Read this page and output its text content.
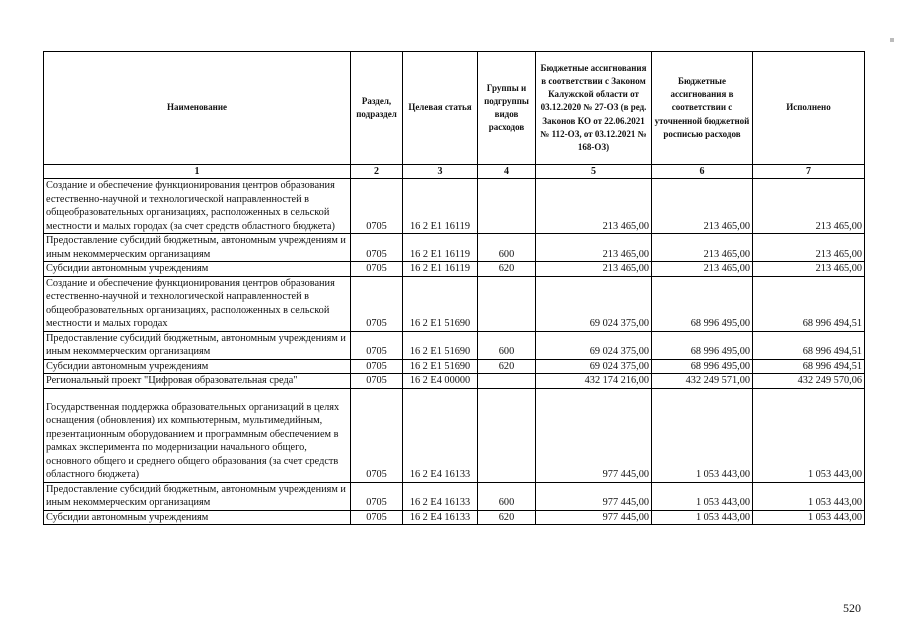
Наименование	Раздел, подраздел	Целевая статья	Группы и подгруппы видов расходов	Бюджетные ассигнования в соответствии с Законом Калужской области от 03.12.2020 № 27-ОЗ (в ред. Законов КО от 22.06.2021 № 112-ОЗ, от 03.12.2021 № 168-ОЗ)	Бюджетные ассигнования в соответствии с уточненной бюджетной росписью расходов	Исполнено
1	2	3	4	5	6	7
Создание и обеспечение функционирования центров образования естественно-научной и технологической направленностей в общеобразовательных организациях, расположенных в сельской местности и малых городах (за счет средств областного бюджета)	0705	16 2 E1 16119		213 465,00	213 465,00	213 465,00
Предоставление субсидий бюджетным, автономным учреждениям и иным некоммерческим организациям	0705	16 2 E1 16119	600	213 465,00	213 465,00	213 465,00
Субсидии автономным учреждениям	0705	16 2 E1 16119	620	213 465,00	213 465,00	213 465,00
Создание и обеспечение функционирования центров образования естественно-научной и технологической направленностей в общеобразовательных организациях, расположенных в сельской местности и малых городах	0705	16 2 E1 51690		69 024 375,00	68 996 495,00	68 996 494,51
Предоставление субсидий бюджетным, автономным учреждениям и иным некоммерческим организациям	0705	16 2 E1 51690	600	69 024 375,00	68 996 495,00	68 996 494,51
Субсидии автономным учреждениям	0705	16 2 E1 51690	620	69 024 375,00	68 996 495,00	68 996 494,51
Региональный проект "Цифровая образовательная среда"	0705	16 2 E4 00000		432 174 216,00	432 249 571,00	432 249 570,06
Государственная поддержка образовательных организаций в целях оснащения (обновления) их компьютерным, мультимедийным, презентационным оборудованием и программным обеспечением в рамках эксперимента по модернизации начального общего, основного общего и среднего общего образования (за счет средств областного бюджета)	0705	16 2 E4 16133		977 445,00	1 053 443,00	1 053 443,00
Предоставление субсидий бюджетным, автономным учреждениям и иным некоммерческим организациям	0705	16 2 E4 16133	600	977 445,00	1 053 443,00	1 053 443,00
Субсидии автономным учреждениям	0705	16 2 E4 16133	620	977 445,00	1 053 443,00	1 053 443,00
520
